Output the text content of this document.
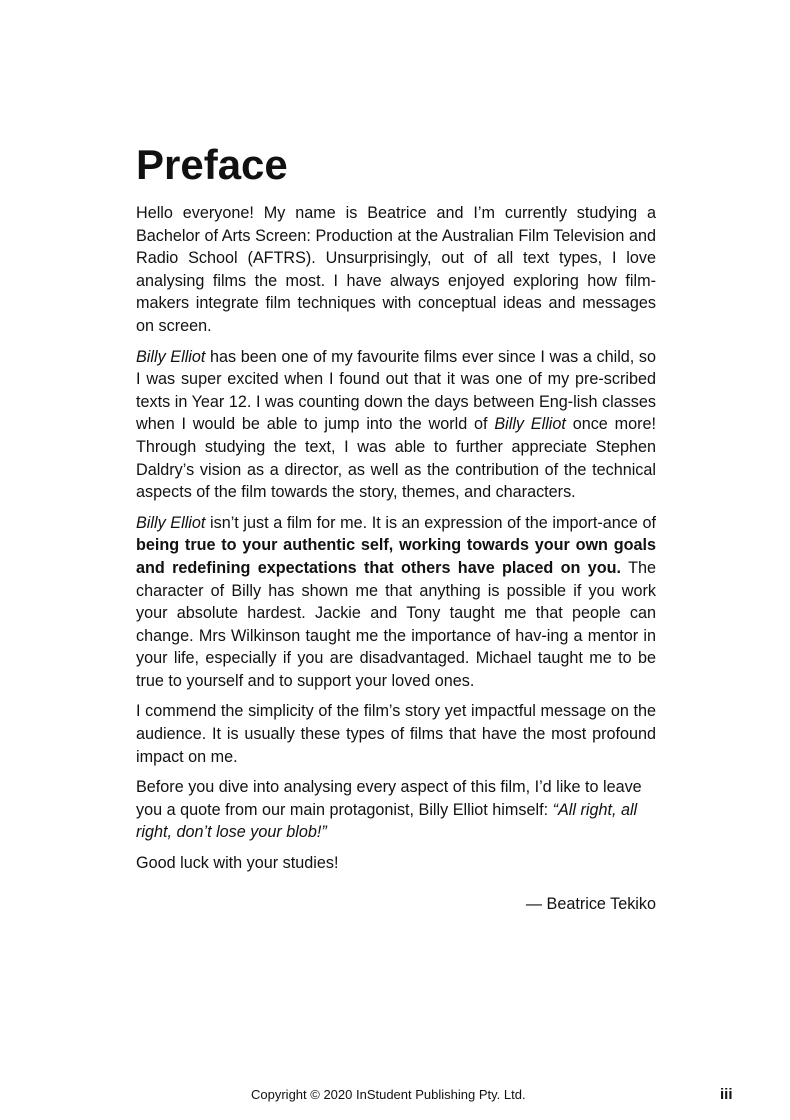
Preface

Hello everyone! My name is Beatrice and I’m currently studying a Bachelor of Arts Screen: Production at the Australian Film Television and Radio School (AFTRS). Unsurprisingly, out of all text types, I love analysing films the most. I have always enjoyed exploring how film-makers integrate film techniques with conceptual ideas and messages on screen.

Billy Elliot has been one of my favourite films ever since I was a child, so I was super excited when I found out that it was one of my pre-scribed texts in Year 12. I was counting down the days between Eng-lish classes when I would be able to jump into the world of Billy Elliot once more! Through studying the text, I was able to further appreciate Stephen Daldry’s vision as a director, as well as the contribution of the technical aspects of the film towards the story, themes, and characters.

Billy Elliot isn’t just a film for me. It is an expression of the import-ance of being true to your authentic self, working towards your own goals and redefining expectations that others have placed on you. The character of Billy has shown me that anything is possible if you work your absolute hardest. Jackie and Tony taught me that people can change. Mrs Wilkinson taught me the importance of hav-ing a mentor in your life, especially if you are disadvantaged. Michael taught me to be true to yourself and to support your loved ones.

I commend the simplicity of the film’s story yet impactful message on the audience. It is usually these types of films that have the most profound impact on me.

Before you dive into analysing every aspect of this film, I’d like to leave you a quote from our main protagonist, Billy Elliot himself: “All right, all right, don’t lose your blob!”

Good luck with your studies!

— Beatrice Tekiko

Copyright © 2020 InStudent Publishing Pty. Ltd.	iii
